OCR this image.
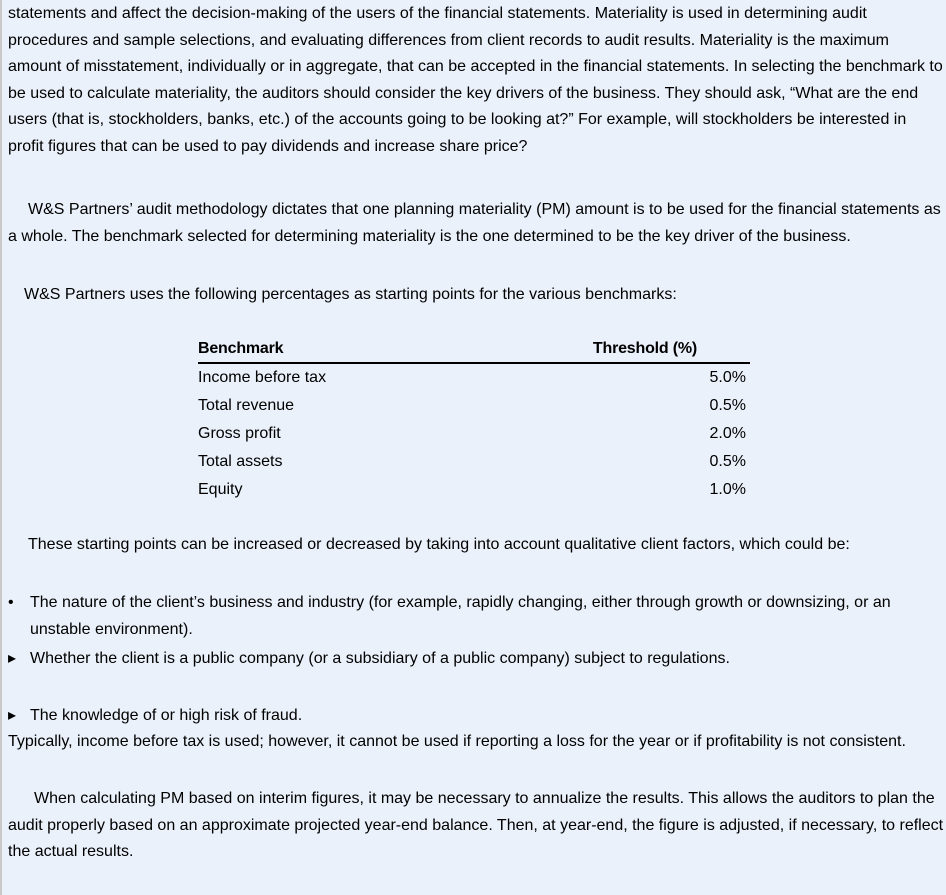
statements and affect the decision-making of the users of the financial statements. Materiality is used in determining audit procedures and sample selections, and evaluating differences from client records to audit results. Materiality is the maximum amount of misstatement, individually or in aggregate, that can be accepted in the financial statements. In selecting the benchmark to be used to calculate materiality, the auditors should consider the key drivers of the business. They should ask, “What are the end users (that is, stockholders, banks, etc.) of the accounts going to be looking at?” For example, will stockholders be interested in profit figures that can be used to pay dividends and increase share price?

W&S Partners’ audit methodology dictates that one planning materiality (PM) amount is to be used for the financial statements as a whole. The benchmark selected for determining materiality is the one determined to be the key driver of the business.

W&S Partners uses the following percentages as starting points for the various benchmarks:

Benchmark	Threshold (%)
Income before tax	5.0%
Total revenue	0.5%
Gross profit	2.0%
Total assets	0.5%
Equity	1.0%

These starting points can be increased or decreased by taking into account qualitative client factors, which could be:

•	The nature of the client’s business and industry (for example, rapidly changing, either through growth or downsizing, or an unstable environment).
▸ Whether the client is a public company (or a subsidiary of a public company) subject to regulations.
▸ The knowledge of or high risk of fraud.

Typically, income before tax is used; however, it cannot be used if reporting a loss for the year or if profitability is not consistent.

When calculating PM based on interim figures, it may be necessary to annualize the results. This allows the auditors to plan the audit properly based on an approximate projected year-end balance. Then, at year-end, the figure is adjusted, if necessary, to reflect the actual results.
